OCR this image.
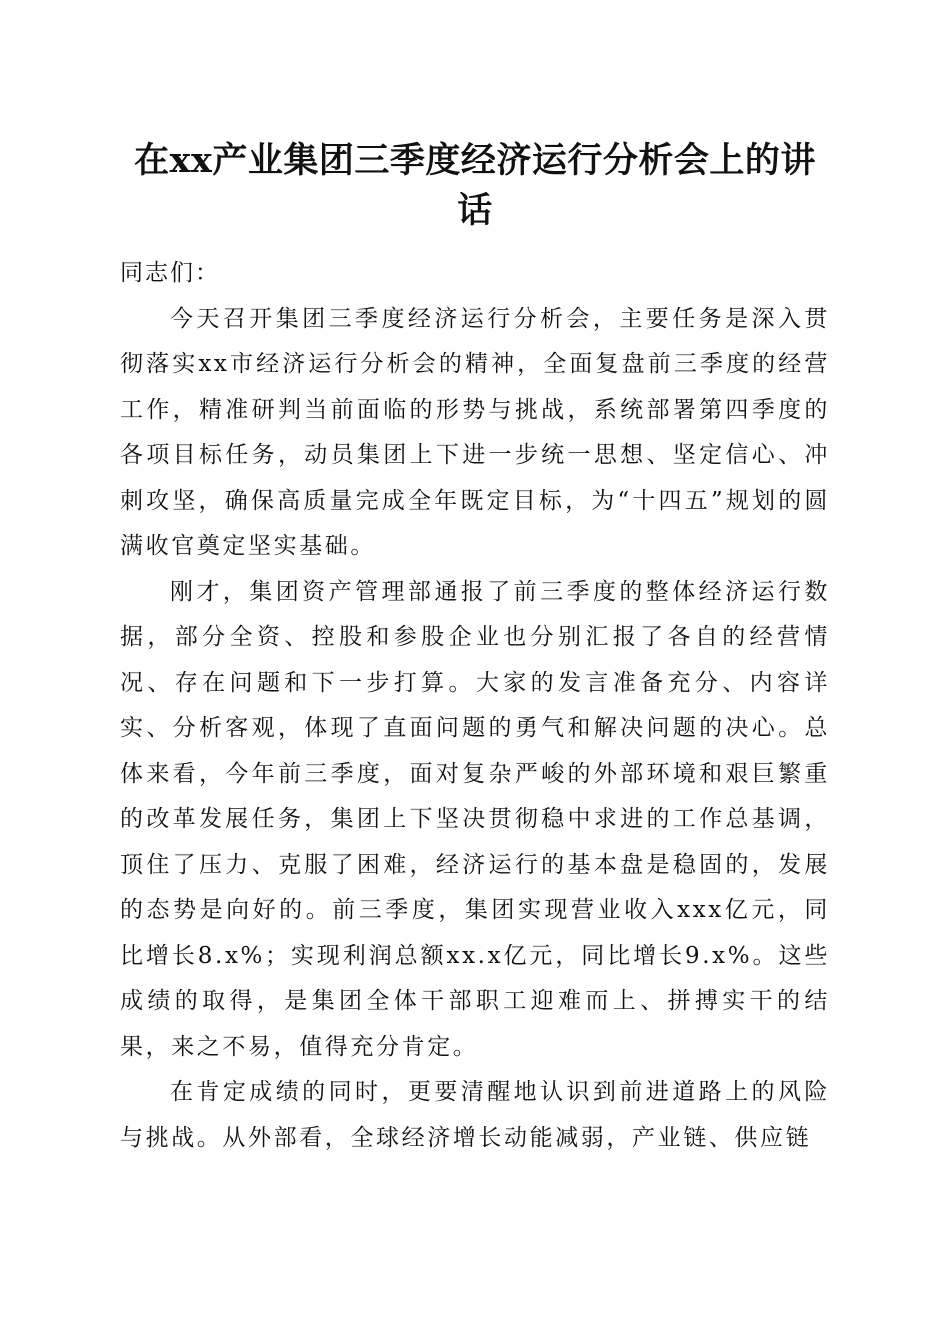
在xx产业集团三季度经济运行分析会上的讲话

同志们：

今天召开集团三季度经济运行分析会，主要任务是深入贯彻落实xx市经济运行分析会的精神，全面复盘前三季度的经营工作，精准研判当前面临的形势与挑战，系统部署第四季度的各项目标任务，动员集团上下进一步统一思想、坚定信心、冲刺攻坚，确保高质量完成全年既定目标，为“十四五”规划的圆满收官奠定坚实基础。

刚才，集团资产管理部通报了前三季度的整体经济运行数据，部分全资、控股和参股企业也分别汇报了各自的经营情况、存在问题和下一步打算。大家的发言准备充分、内容详实、分析客观，体现了直面问题的勇气和解决问题的决心。总体来看，今年前三季度，面对复杂严峻的外部环境和艰巨繁重的改革发展任务，集团上下坚决贯彻稳中求进的工作总基调，顶住了压力、克服了困难，经济运行的基本盘是稳固的，发展的态势是向好的。前三季度，集团实现营业收入xxx亿元，同比增长8.x%；实现利润总额xx.x亿元，同比增长9.x%。这些成绩的取得，是集团全体干部职工迎难而上、拼搏实干的结果，来之不易，值得充分肯定。

在肯定成绩的同时，更要清醒地认识到前进道路上的风险与挑战。从外部看，全球经济增长动能减弱，产业链、供应链
